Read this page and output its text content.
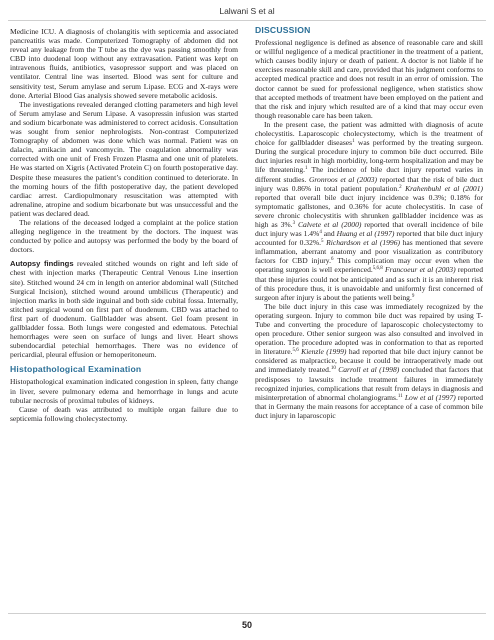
Lalwani S et al

Medicine ICU. A diagnosis of cholangitis with septicemia and associated pancreatitis was made. Computerized Tomography of abdomen did not reveal any leakage from the T tube as the dye was passing smoothly from CBD into duodenal loop without any extravasation. Patient was kept on intravenous fluids, antibiotics, vasopressor support and was placed on ventilator. Central line was inserted. Blood was sent for culture and sensitivity test, Serum amylase and serum Lipase. ECG and X-rays were done. Arterial Blood Gas analysis showed severe metabolic acidosis.

The investigations revealed deranged clotting parameters and high level of Serum amylase and Serum Lipase. A vasopressin infusion was started and sodium bicarbonate was administered to correct acidosis. Consultation was sought from senior nephrologists. Non-contrast Computerized Tomography of abdomen was done which was normal. Patient was on dalacin, amikacin and vancomycin. The coagulation abnormality was corrected with one unit of Fresh Frozen Plasma and one unit of platelets. He was started on Xigris (Activated Protein C) on fourth postoperative day. Despite these measures the patient’s condition continued to deteriorate. In the morning hours of the fifth postoperative day, the patient developed cardiac arrest. Cardiopulmonary resuscitation was attempted with adrenaline, atropine and sodium bicarbonate but was unsuccessful and the patient was declared dead.

The relations of the deceased lodged a complaint at the police station alleging negligence in the treatment by the doctors. The inquest was conducted by police and autopsy was performed the body by the board of doctors.

Autopsy findings revealed stitched wounds on right and left side of chest with injection marks (Therapeutic Central Venous Line insertion site). Stitched wound 24 cm in length on anterior abdominal wall (Stitched Surgical Incision), stitched wound around umbilicus (Therapeutic) and injection marks in both side inguinal and both side cubital fossa. Internally, stitched surgical wound on first part of duodenum. CBD was attached to first part of duodenum. Gallbladder was absent. Gel foam present in gallbladder fossa. Both lungs were congested and edematous. Petechial hemorrhages were seen on surface of lungs and liver. Heart shows subendocardial petechial hemorrhages. There was no evidence of pericardial, pleural effusion or hemoperitoneum.

Histopathological Examination

Histopathological examination indicated congestion in spleen, fatty change in liver, severe pulmonary edema and hemorrhage in lungs and acute tubular necrosis of proximal tubules of kidneys.

Cause of death was attributed to multiple organ failure due to septicemia following cholecystectomy.

DISCUSSION

Professional negligence is defined as absence of reasonable care and skill or willful negligence of a medical practitioner in the treatment of a patient, which causes bodily injury or death of patient. A doctor is not liable if he exercises reasonable skill and care, provided that his judgment conforms to accepted medical practice and does not result in an error of omission. The doctor cannot be sued for professional negligence, when statistics show that accepted methods of treatment have been employed on the patient and that the risk and injury which resulted are of a kind that may occur even though reasonable care has been taken.

In the present case, the patient was admitted with diagnosis of acute cholecystitis. Laparoscopic cholecystectomy, which is the treatment of choice for gallbladder diseases$^1$ was performed by the treating surgeon. During the surgical procedure injury to common bile duct occurred. Bile duct injuries result in high morbidity, long-term hospitalization and may be life threatening.$^1$ The incidence of bile duct injury reported varies in different studies. Gronroos et al (2003) reported that the risk of bile duct injury was 0.86% in total patient population.$^2$ Krahenbuhl et al (2001) reported that overall bile duct injury incidence was 0.3%; 0.18% for symptomatic gallstones, and 0.36% for acute cholecystitis. In case of severe chronic cholecystitis with shrunken gallbladder incidence was as high as 3%.$^3$ Calvete et al (2000) reported that overall incidence of bile duct injury was 1.4%$^4$ and Huang et al (1997) reported that bile duct injury accounted for 0.32%.$^5$ Richardson et al (1996) has mentioned that severe inflammation, aberrant anatomy and poor visualization as contributory factors for CBD injury.$^6$ This complication may occur even when the operating surgeon is well experienced.$^{5,6,8}$ Francoeur et al (2003) reported that these injuries could not be anticipated and as such it is an inherent risk of this procedure thus, it is unavoidable and uniformly first concerned of surgeon after injury is about the patients well being.$^9$

The bile duct injury in this case was immediately recognized by the operating surgeon. Injury to common bile duct was repaired by using T-Tube and converting the procedure of laparoscopic cholecystectomy to open procedure. Other senior surgeon was also consulted and involved in operation. The procedure adopted was in conformation to that as reported in literature.$^{5,6}$ Kienzle (1999) had reported that bile duct injury cannot be considered as malpractice, because it could be intraoperatively made out and immediately treated.$^{10}$ Carroll et al (1998) concluded that factors that predisposes to lawsuits include treatment failures in immediately recognized injuries, complications that result from delays in diagnosis and misinterpretation of abnormal cholangiograms.$^{11}$ Low et al (1997) reported that in Germany the main reasons for acceptance of a case of common bile duct injury in laparoscopic

50
